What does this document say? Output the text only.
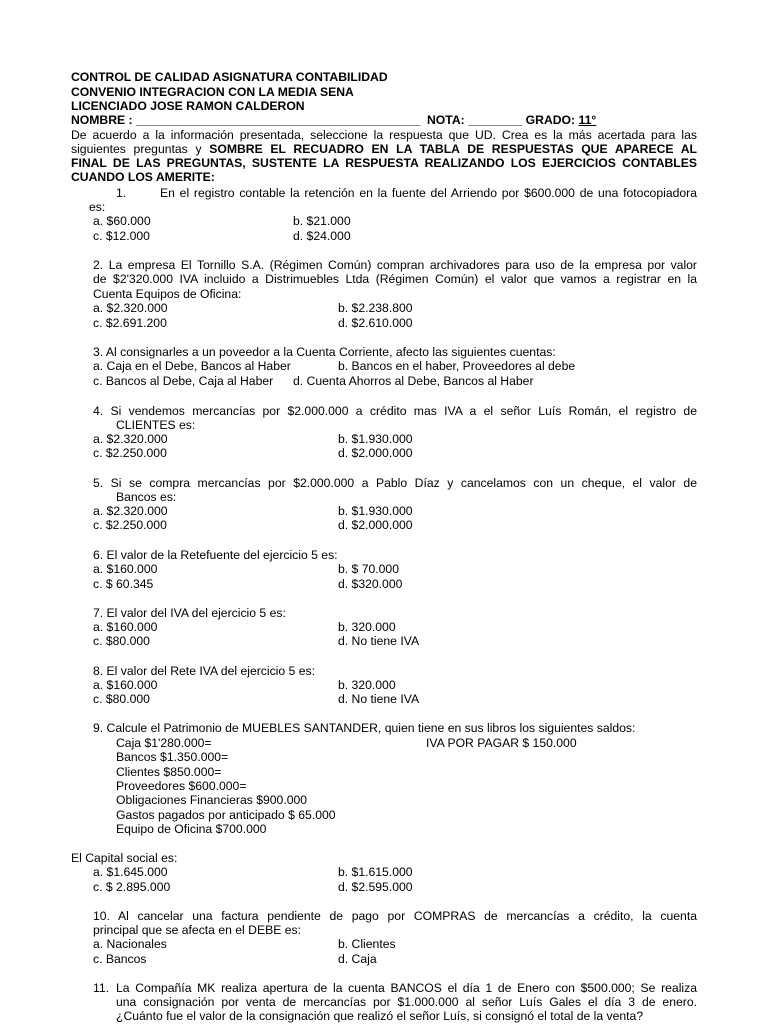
CONTROL DE CALIDAD ASIGNATURA CONTABILIDAD
CONVENIO INTEGRACION CON LA MEDIA SENA
LICENCIADO JOSE RAMON CALDERON
NOMBRE : __________________________________________ NOTA: ________ GRADO: 11°
De acuerdo a la información presentada, seleccione la respuesta que UD. Crea es la más acertada para las
siguientes preguntas y SOMBRE EL RECUADRO EN LA TABLA DE RESPUESTAS QUE APARECE AL
FINAL DE LAS PREGUNTAS, SUSTENTE LA RESPUESTA REALIZANDO LOS EJERCICIOS CONTABLES
CUANDO LOS AMERITE:
1.	En el registro contable la retención en la fuente del Arriendo por $600.000 de una fotocopiadora
es:
a. $60.000	b. $21.000
c. $12.000	d. $24.000
2. La empresa El Tornillo S.A. (Régimen Común) compran archivadores para uso de la empresa por valor
de $2'320.000 IVA incluido a Distrimuebles Ltda (Régimen Común) el valor que vamos a registrar en la
Cuenta Equipos de Oficina:
a. $2.320.000	b. $2.238.800
c. $2.691.200	d. $2.610.000
3. Al consignarles a un poveedor a la Cuenta Corriente, afecto las siguientes cuentas:
a. Caja en el Debe, Bancos al Haber	b. Bancos en el haber, Proveedores al debe
c. Bancos al Debe, Caja al Haber d. Cuenta Ahorros al Debe, Bancos al Haber
4. Si vendemos mercancías por $2.000.000 a crédito mas IVA a el señor Luís Román, el registro de
CLIENTES es:
a. $2.320.000	b. $1.930.000
c. $2.250.000	d. $2.000.000
5. Si se compra mercancías por $2.000.000 a Pablo Díaz y cancelamos con un cheque, el valor de
Bancos es:
a. $2.320.000	b. $1.930.000
c. $2.250.000	d. $2.000.000
6. El valor de la Retefuente del ejercicio 5 es:
a. $160.000	b. $ 70.000
c. $ 60.345	d. $320.000
7. El valor del IVA del ejercicio 5 es:
a. $160.000	b. 320.000
c. $80.000	d. No tiene IVA
8. El valor del Rete IVA del ejercicio 5 es:
a. $160.000	b. 320.000
c. $80.000	d. No tiene IVA
9. Calcule el Patrimonio de MUEBLES SANTANDER, quien tiene en sus libros los siguientes saldos:
Caja $1'280.000=	IVA POR PAGAR $ 150.000
Bancos $1.350.000=
Clientes $850.000=
Proveedores $600.000=
Obligaciones Financieras $900.000
Gastos pagados por anticipado $ 65.000
Equipo de Oficina $700.000
El Capital social es:
a. $1.645.000	b. $1.615.000
c. $ 2.895.000	d. $2.595.000
10. Al cancelar una factura pendiente de pago por COMPRAS de mercancías a crédito, la cuenta
principal que se afecta en el DEBE es:
a. Nacionales	b. Clientes
c. Bancos	d. Caja
11. La Compañía MK realiza apertura de la cuenta BANCOS el día 1 de Enero con $500.000; Se realiza
una consignación por venta de mercancías por $1.000.000 al señor Luís Gales el día 3 de enero.
¿Cuánto fue el valor de la consignación que realizó el señor Luís, si consignó el total de la venta?
